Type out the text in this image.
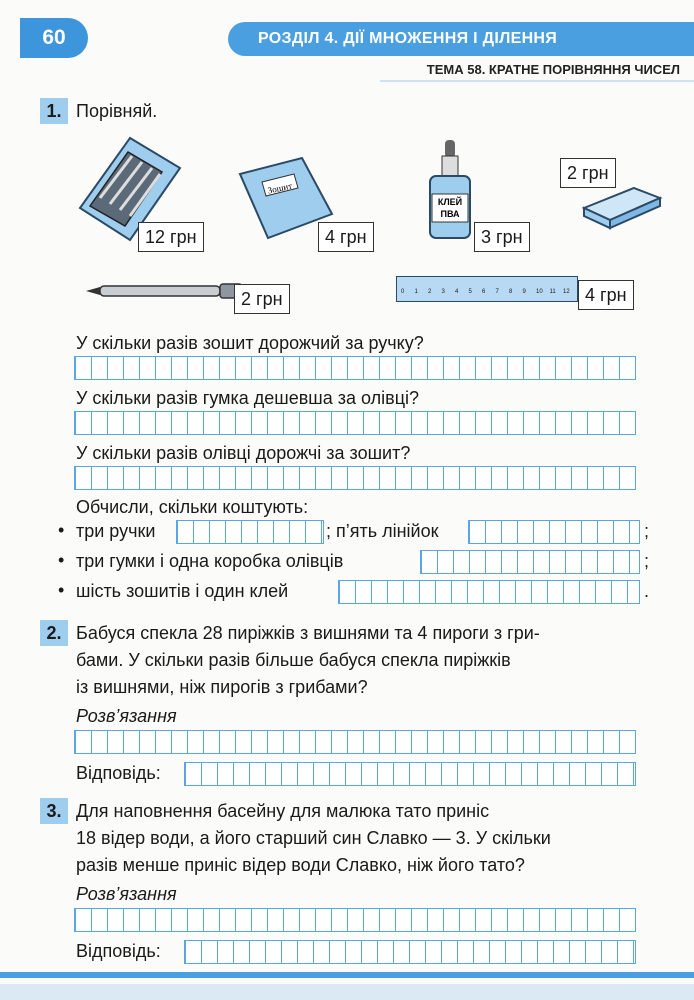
РОЗДІЛ 4. ДІЇ МНОЖЕННЯ І ДІЛЕННЯ
60
ТЕМА 58. КРАТНЕ ПОРІВНЯННЯ ЧИСЕЛ
1. Порівняй.
12 грн
Зошит
4 грн
КЛЕЙ
ПВА
3 грн
2 грн
2 грн	0 1 2 3 4 5 6 7 8 9 10 11 12 4 грн
У скільки разів зошит дорожчий за ручку?
У скільки разів гумка дешевша за олівці?
У скільки разів олівці дорожчі за зошит?
Обчисли, скільки коштують:
• три ручки	; п’ять лінійок	;
• три гумки і одна коробка олівців	;
• шість зошитів і один клей	.
2. Бабуся спекла 28 пиріжків з вишнями та 4 пироги з гри-
бами. У скільки разів більше бабуся спекла пиріжків
із вишнями, ніж пирогів з грибами?
Розв’язання
Відповідь:
3. Для наповнення басейну для малюка тато приніс
18 відер води, а його старший син Славко — 3. У скільки
разів менше приніс відер води Славко, ніж його тато?
Розв’язання
Відповідь:
